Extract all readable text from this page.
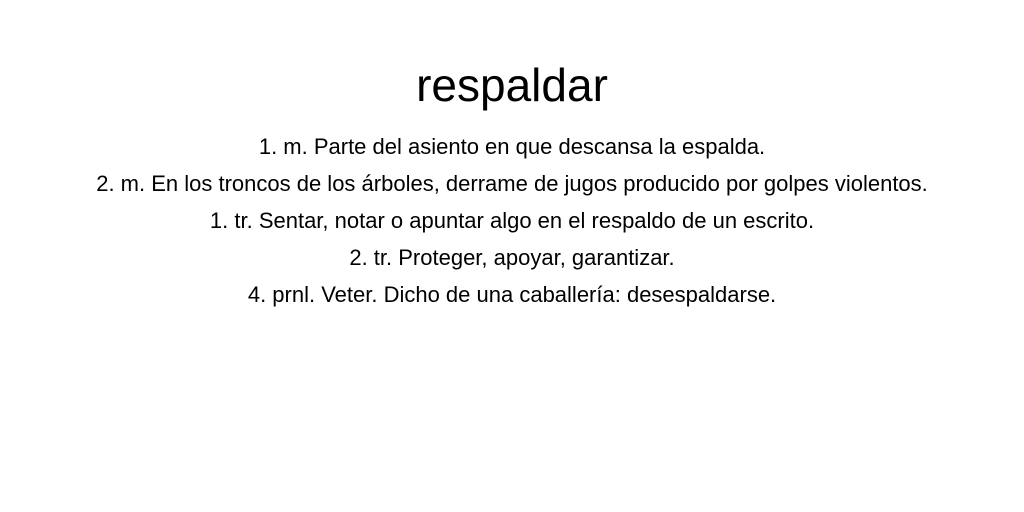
respaldar
1. m. Parte del asiento en que descansa la espalda.
2. m. En los troncos de los árboles, derrame de jugos producido por golpes violentos.
1. tr. Sentar, notar o apuntar algo en el respaldo de un escrito.
2. tr. Proteger, apoyar, garantizar.
4. prnl. Veter. Dicho de una caballería: desespaldarse.
